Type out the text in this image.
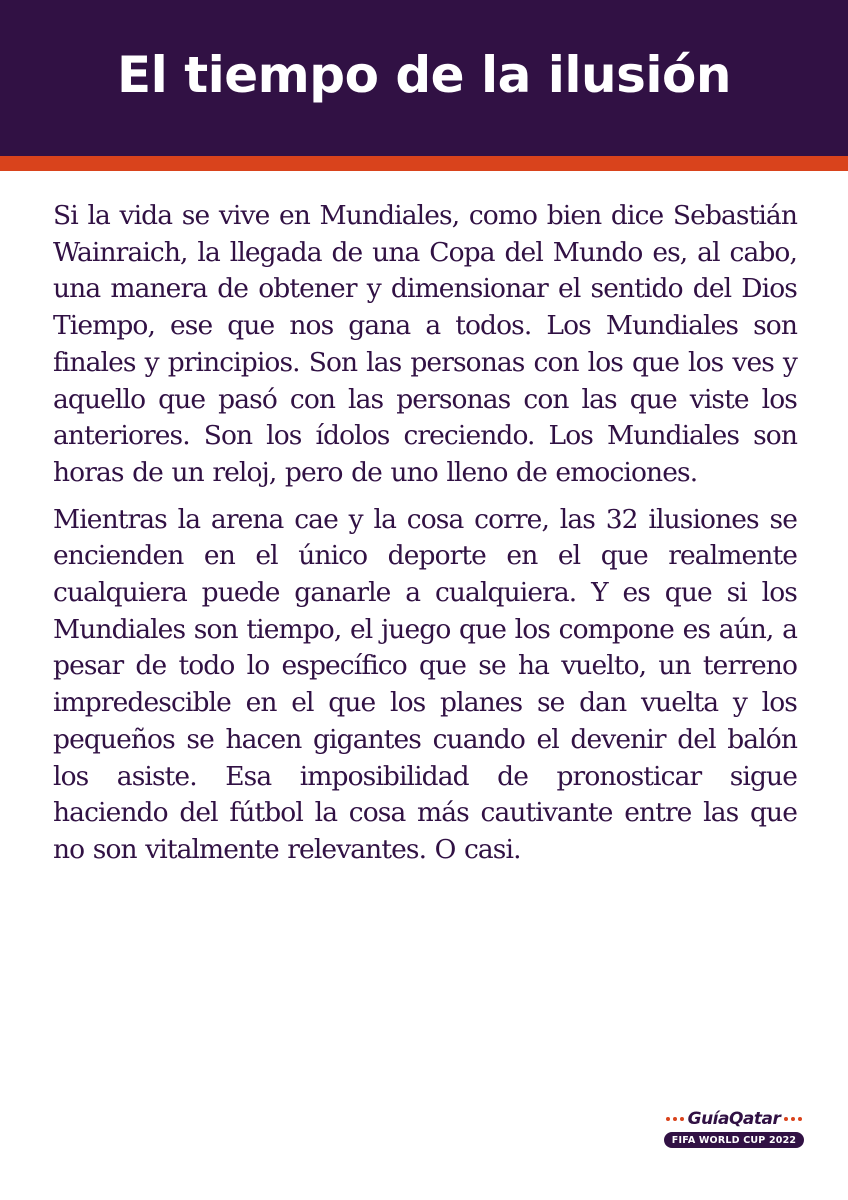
El tiempo de la ilusión

Si la vida se vive en Mundiales, como bien dice Sebastián Wainraich, la llegada de una Copa del Mundo es, al cabo, una manera de obtener y dimensionar el sentido del Dios Tiempo, ese que nos gana a todos. Los Mundiales son finales y principios. Son las personas con los que los ves y aquello que pasó con las personas con las que viste los anteriores. Son los ídolos creciendo. Los Mundiales son horas de un reloj, pero de uno lleno de emociones.

Mientras la arena cae y la cosa corre, las 32 ilusiones se encienden en el único deporte en el que realmente cualquiera puede ganarle a cualquiera. Y es que si los Mundiales son tiempo, el juego que los compone es aún, a pesar de todo lo específico que se ha vuelto, un terreno impredescible en el que los planes se dan vuelta y los pequeños se hacen gigantes cuando el devenir del balón los asiste. Esa imposibilidad de pronosticar sigue haciendo del fútbol la cosa más cautivante entre las que no son vitalmente relevantes. O casi.

GuíaQatar
FIFA WORLD CUP 2022
